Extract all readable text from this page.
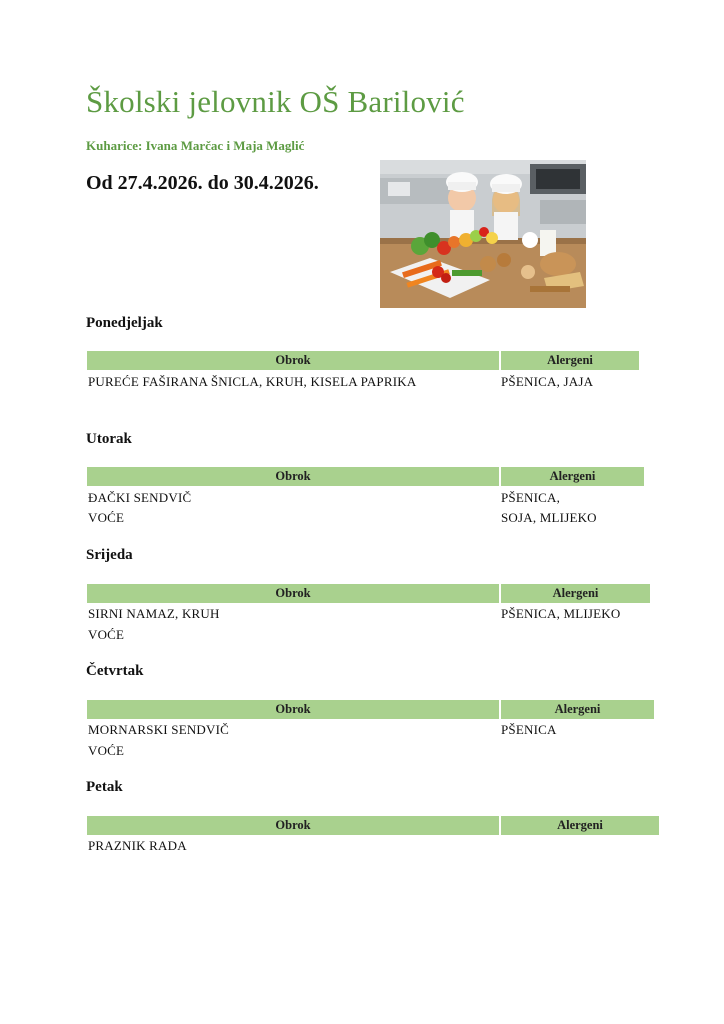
Školski jelovnik OŠ Barilović
Kuharice: Ivana Marčac i Maja Maglić
Od 27.4.2026. do 30.4.2026.
Ponedjeljak
Obrok	Alergeni
PUREĆE FAŠIRANA ŠNICLA, KRUH, KISELA PAPRIKA	PŠENICA, JAJA
Utorak
Obrok	Alergeni
ĐAČKI SENDVIČ	PŠENICA,
VOĆE	SOJA, MLIJEKO
Srijeda
Obrok	Alergeni
SIRNI NAMAZ, KRUH	PŠENICA, MLIJEKO
VOĆE
Četvrtak
Obrok	Alergeni
MORNARSKI SENDVIČ	PŠENICA
VOĆE
Petak
Obrok	Alergeni
PRAZNIK RADA
